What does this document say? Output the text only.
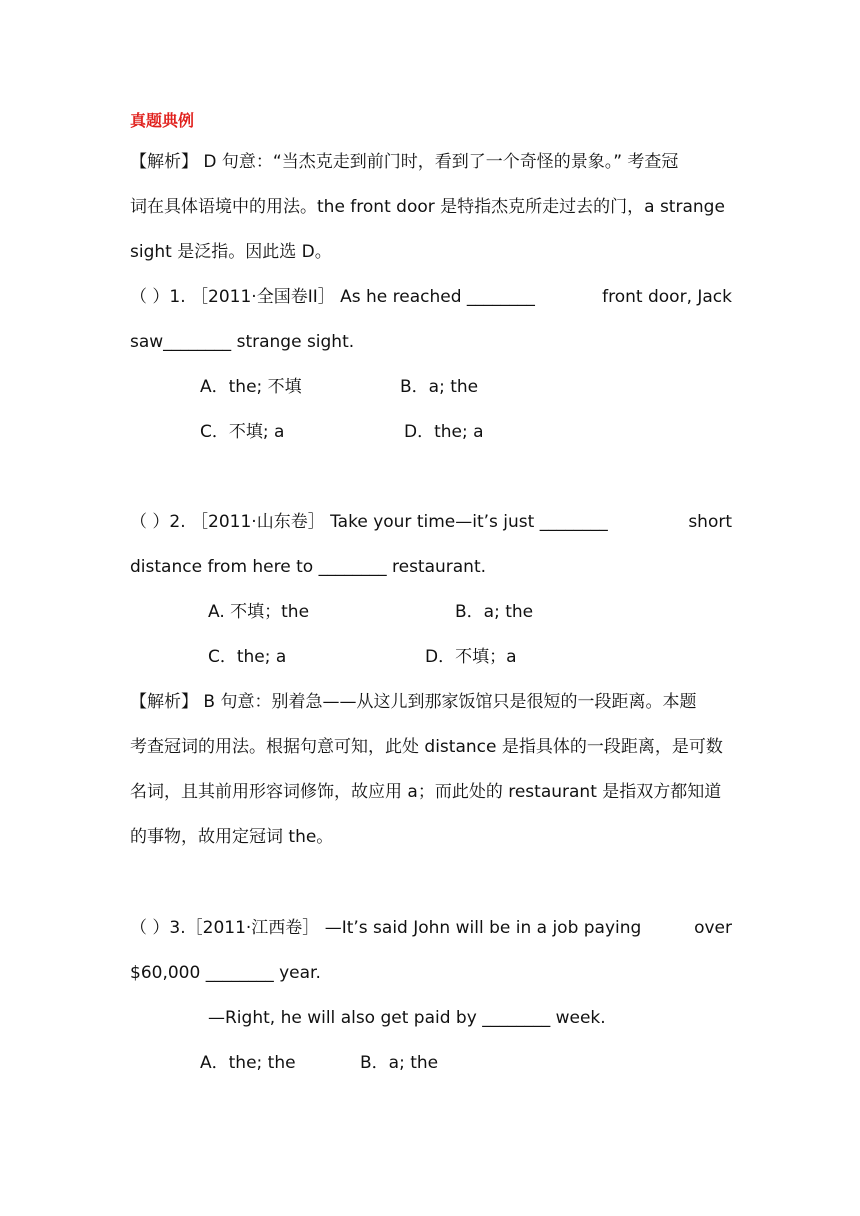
真题典例
【解析】 D 句意：“当杰克走到前门时，看到了一个奇怪的景象。” 考查冠
词在具体语境中的用法。the front door 是特指杰克所走过去的门，a strange
sight 是泛指。因此选 D。
（ ）1. ［2011·全国卷II］ As he reached ________	front door, Jack
saw________ strange sight.
A．the; 不填	B．a; the
C．不填; a	D．the; a
（ ）2. ［2011·山东卷］ Take your time—it’s just ________	short
distance from here to ________ restaurant.
A. 不填；the	B．a; the
C．the; a	D．不填；a
【解析】 B 句意：别着急——从这儿到那家饭馆只是很短的一段距离。本题
考查冠词的用法。根据句意可知，此处 distance 是指具体的一段距离，是可数
名词，且其前用形容词修饰，故应用 a；而此处的 restaurant 是指双方都知道
的事物，故用定冠词 the。
（ ）3.［2011·江西卷］ —It’s said John will be in a job paying	over
$60,000 ________ year.
—Right, he will also get paid by ________ week.
A．the; the	B．a; the
